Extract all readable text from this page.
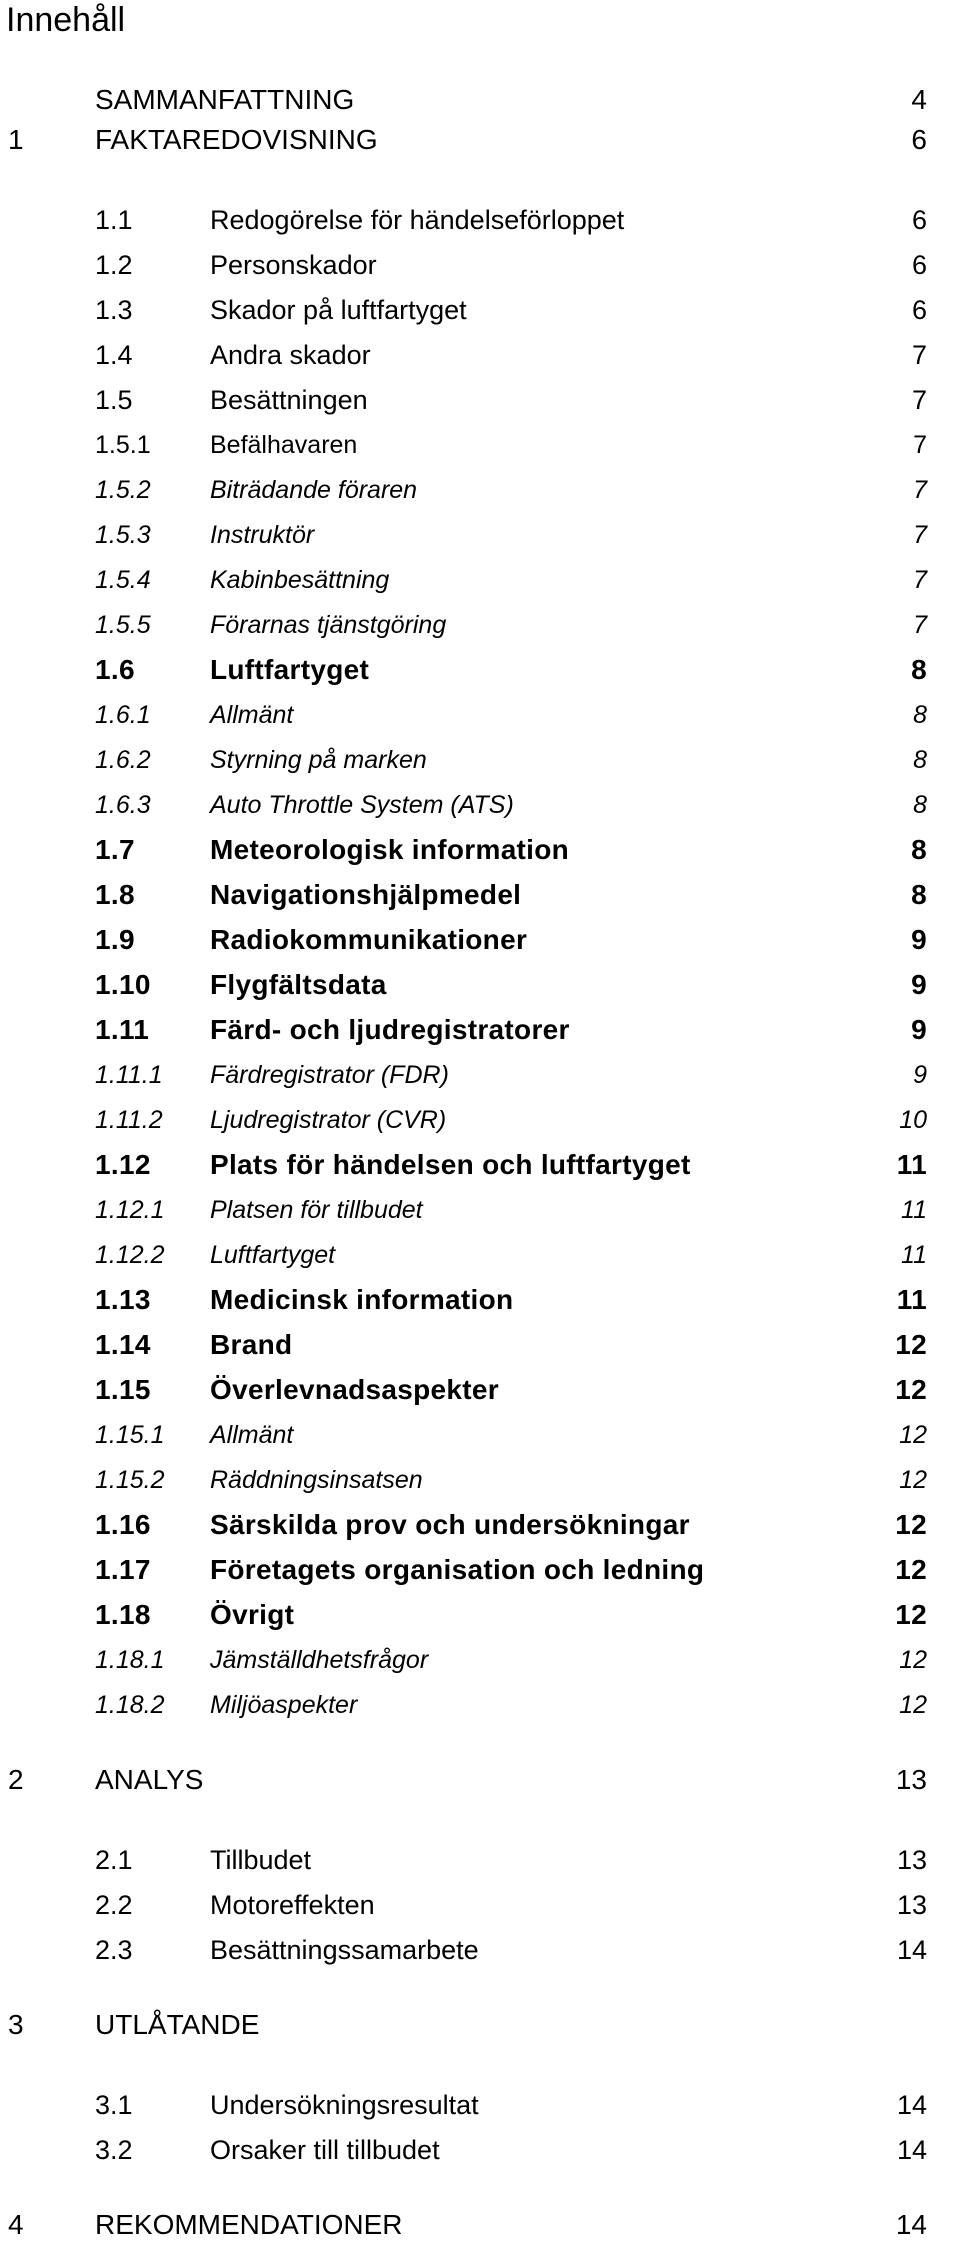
Innehåll
SAMMANFATTNING	4
1	FAKTAREDOVISNING	6
1.1	Redogörelse för händelseförloppet	6
1.2	Personskador	6
1.3	Skador på luftfartyget	6
1.4	Andra skador	7
1.5	Besättningen	7
1.5.1 Befälhavaren	7
1.5.2 Biträdande föraren	7
1.5.3 Instruktör	7
1.5.4 Kabinbesättning	7
1.5.5 Förarnas tjänstgöring	7
1.6	Luftfartyget	8
1.6.1 Allmänt	8
1.6.2 Styrning på marken	8
1.6.3 Auto Throttle System (ATS)	8
1.7	Meteorologisk information	8
1.8	Navigationshjälpmedel	8
1.9	Radiokommunikationer	9
1.10 Flygfältsdata	9
1.11 Färd- och ljudregistratorer	9
1.11.1 Färdregistrator (FDR)	9
1.11.2 Ljudregistrator (CVR)	10
1.12 Plats för händelsen och luftfartyget	11
1.12.1 Platsen för tillbudet	11
1.12.2 Luftfartyget	11
1.13 Medicinsk information	11
1.14 Brand	12
1.15 Överlevnadsaspekter	12
1.15.1 Allmänt	12
1.15.2 Räddningsinsatsen	12
1.16 Särskilda prov och undersökningar	12
1.17 Företagets organisation och ledning	12
1.18 Övrigt	12
1.18.1 Jämställdhetsfrågor	12
1.18.2 Miljöaspekter	12
2	ANALYS	13
2.1	Tillbudet	13
2.2	Motoreffekten	13
2.3	Besättningssamarbete	14
3	UTLÅTANDE
3.1	Undersökningsresultat	14
3.2	Orsaker till tillbudet	14
4	REKOMMENDATIONER	14
